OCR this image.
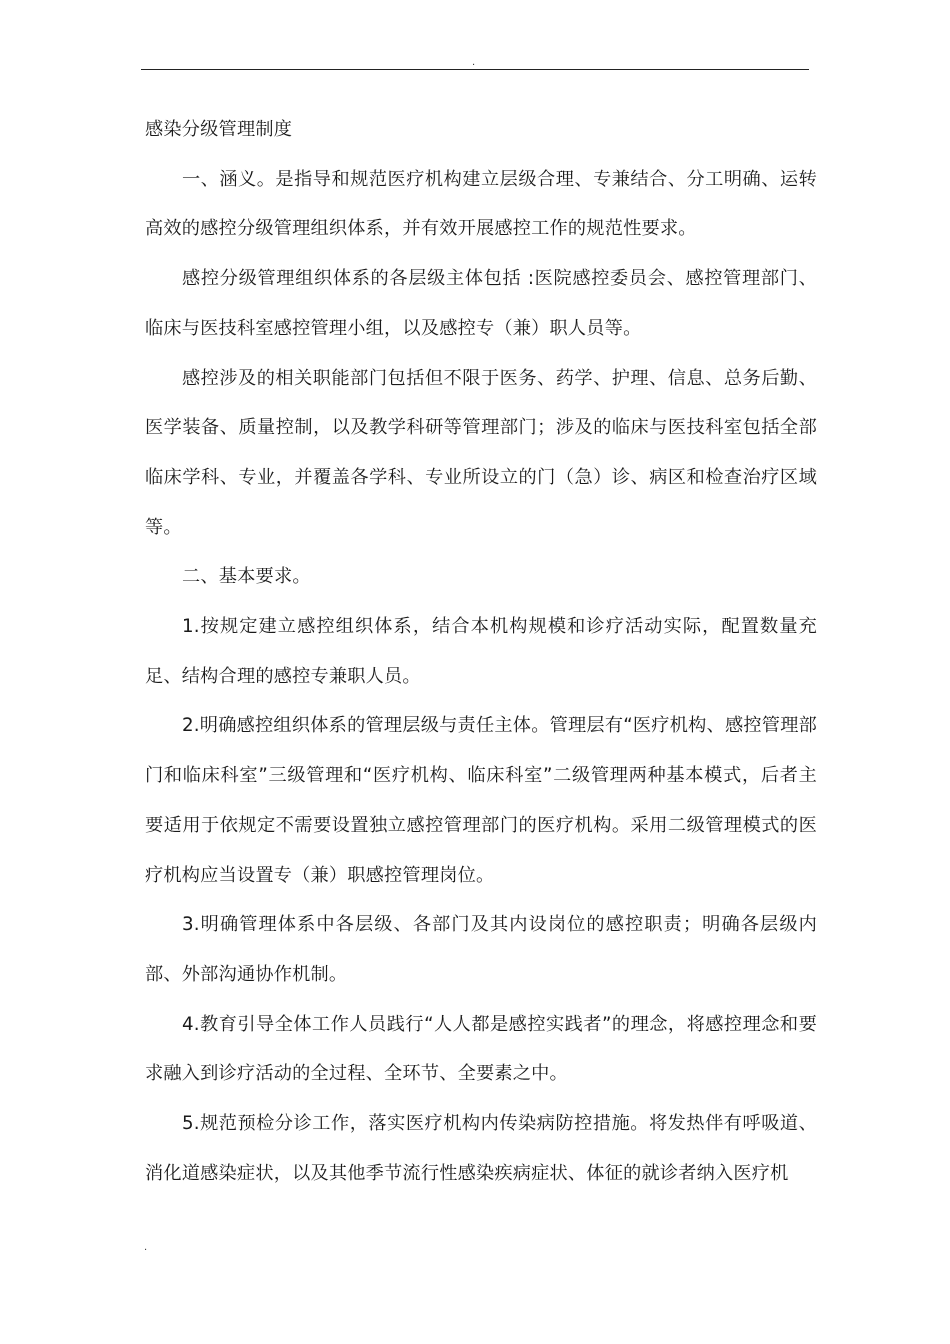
.

感染分级管理制度

一、涵义。是指导和规范医疗机构建立层级合理、专兼结合、分工明确、运转高效的感控分级管理组织体系，并有效开展感控工作的规范性要求。

感控分级管理组织体系的各层级主体包括 :医院感控委员会、感控管理部门、临床与医技科室感控管理小组，以及感控专（兼）职人员等。

感控涉及的相关职能部门包括但不限于医务、药学、护理、信息、总务后勤、医学装备、质量控制，以及教学科研等管理部门；涉及的临床与医技科室包括全部临床学科、专业，并覆盖各学科、专业所设立的门（急）诊、病区和检查治疗区域等。

二、基本要求。

1.按规定建立感控组织体系，结合本机构规模和诊疗活动实际，配置数量充足、结构合理的感控专兼职人员。

2.明确感控组织体系的管理层级与责任主体。管理层有“医疗机构、感控管理部门和临床科室”三级管理和“医疗机构、临床科室”二级管理两种基本模式，后者主要适用于依规定不需要设置独立感控管理部门的医疗机构。采用二级管理模式的医疗机构应当设置专（兼）职感控管理岗位。

3.明确管理体系中各层级、各部门及其内设岗位的感控职责；明确各层级内部、外部沟通协作机制。

4.教育引导全体工作人员践行“人人都是感控实践者”的理念，将感控理念和要求融入到诊疗活动的全过程、全环节、全要素之中。

5.规范预检分诊工作，落实医疗机构内传染病防控措施。将发热伴有呼吸道、消化道感染症状，以及其他季节流行性感染疾病症状、体征的就诊者纳入医疗机

.
